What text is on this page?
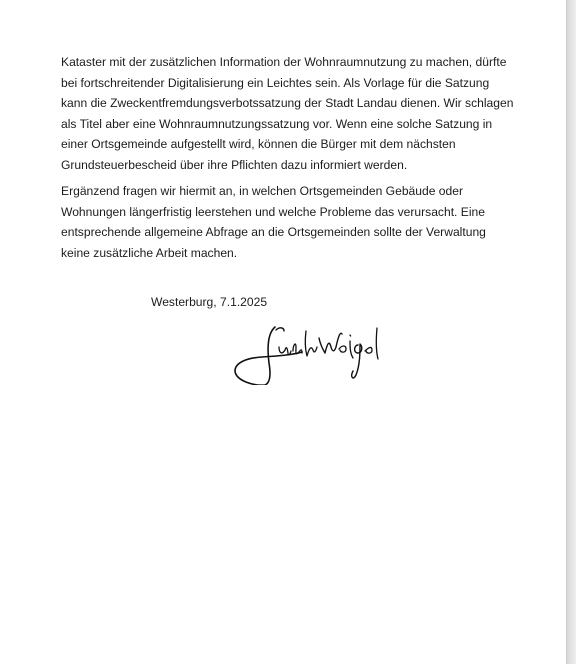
Kataster mit der zusätzlichen Information der Wohnraumnutzung zu machen, dürfte
bei fortschreitender Digitalisierung ein Leichtes sein. Als Vorlage für die Satzung
kann die Zweckentfremdungsverbotssatzung der Stadt Landau dienen. Wir schlagen
als Titel aber eine Wohnraumnutzungssatzung vor. Wenn eine solche Satzung in
einer Ortsgemeinde aufgestellt wird, können die Bürger mit dem nächsten
Grundsteuerbescheid über ihre Pflichten dazu informiert werden.

Ergänzend fragen wir hiermit an, in welchen Ortsgemeinden Gebäude oder
Wohnungen längerfristig leerstehen und welche Probleme das verursacht. Eine
entsprechende allgemeine Abfrage an die Ortsgemeinden sollte der Verwaltung
keine zusätzliche Arbeit machen.

Westerburg, 7.1.2025
